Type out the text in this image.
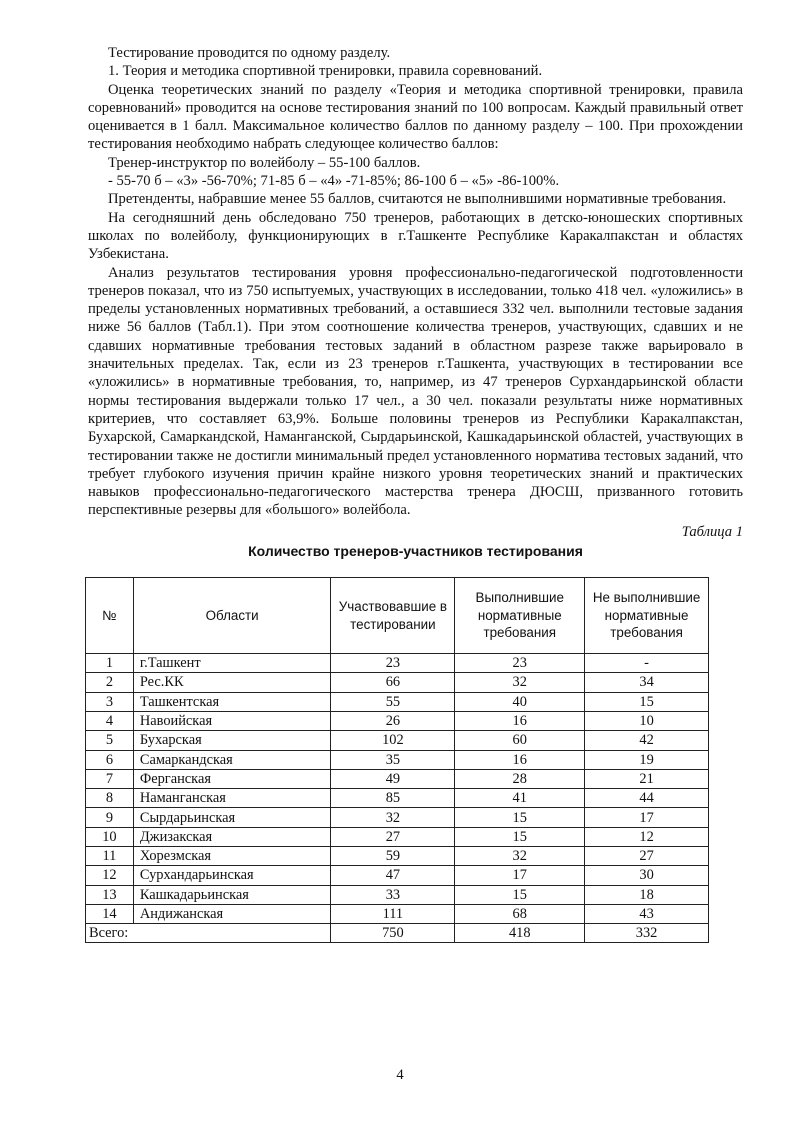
Тестирование проводится по одному разделу.

1. Теория и методика спортивной тренировки, правила соревнований.

Оценка теоретических знаний по разделу «Теория и методика спортивной тренировки, правила соревнований» проводится на основе тестирования знаний по 100 вопросам. Каждый правильный ответ оценивается в 1 балл. Максимальное количество баллов по данному разделу – 100. При прохождении тестирования необходимо набрать следующее количество баллов:

Тренер-инструктор по волейболу – 55-100 баллов.

- 55-70 б – «3» -56-70%; 71-85 б – «4» -71-85%; 86-100 б – «5» -86-100%.

Претенденты, набравшие менее 55 баллов, считаются не выполнившими нормативные требования.

На сегодняшний день обследовано 750 тренеров, работающих в детско-юношеских спортивных школах по волейболу, функционирующих в г.Ташкенте Республике Каракалпакстан и областях Узбекистана.

Анализ результатов тестирования уровня профессионально-педагогической подготовленности тренеров показал, что из 750 испытуемых, участвующих в исследовании, только 418 чел. «уложились» в пределы установленных нормативных требований, а оставшиеся 332 чел. выполнили тестовые задания ниже 56 баллов (Табл.1). При этом соотношение количества тренеров, участвующих, сдавших и не сдавших нормативные требования тестовых заданий в областном разрезе также варьировало в значительных пределах. Так, если из 23 тренеров г.Ташкента, участвующих в тестировании все «уложились» в нормативные требования, то, например, из 47 тренеров Сурхандарьинской области нормы тестирования выдержали только 17 чел., а 30 чел. показали результаты ниже нормативных критериев, что составляет 63,9%. Больше половины тренеров из Республики Каракалпакстан, Бухарской, Самаркандской, Наманганской, Сырдарьинской, Кашкадарьинской областей, участвующих в тестировании также не достигли минимальный предел установленного норматива тестовых заданий, что требует глубокого изучения причин крайне низкого уровня теоретических знаний и практических навыков профессионально-педагогического мастерства тренера ДЮСШ, призванного готовить перспективные резервы для «большого» волейбола.

Таблица 1
Количество тренеров-участников тестирования
№	Области	Участвовавшие в тестировании	Выполнившие нормативные требования	Не выполнившие нормативные требования
1	г.Ташкент	23	23	-
2	Рес.КК	66	32	34
3	Ташкентская	55	40	15
4	Навоийская	26	16	10
5	Бухарская	102	60	42
6	Самаркандская	35	16	19
7	Ферганская	49	28	21
8	Наманганская	85	41	44
9	Сырдарьинская	32	15	17
10	Джизакская	27	15	12
11	Хорезмская	59	32	27
12	Сурхандарьинская	47	17	30
13	Кашкадарьинская	33	15	18
14	Андижанская	111	68	43
Всего:		750	418	332
4
